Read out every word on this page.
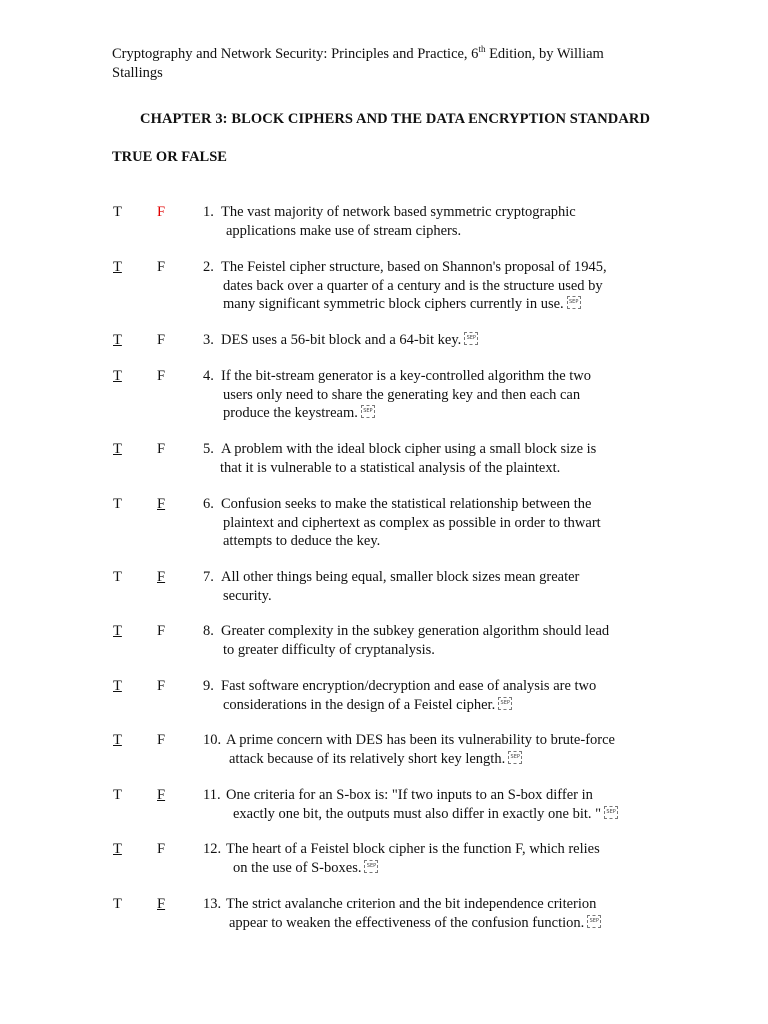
Cryptography and Network Security: Principles and Practice, 6th Edition, by William Stallings
CHAPTER 3: BLOCK CIPHERS AND THE DATA ENCRYPTION STANDARD
TRUE OR FALSE
T F	1. The vast majority of network based symmetric cryptographic
applications make use of stream ciphers.
T F	2. The Feistel cipher structure, based on Shannon's proposal of 1945,
dates back over a quarter of a century and is the structure used by
many significant symmetric block ciphers currently in use. SEP
T F	3. DES uses a 56-bit block and a 64-bit key. SEP
T F	4. If the bit-stream generator is a key-controlled algorithm the two
users only need to share the generating key and then each can
produce the keystream. SEP
T F	5. A problem with the ideal block cipher using a small block size is
that it is vulnerable to a statistical analysis of the plaintext.
T F	6. Confusion seeks to make the statistical relationship between the
plaintext and ciphertext as complex as possible in order to thwart
attempts to deduce the key.
T F	7. All other things being equal, smaller block sizes mean greater
security.
T F	8. Greater complexity in the subkey generation algorithm should lead
to greater difficulty of cryptanalysis.
T F	9. Fast software encryption/decryption and ease of analysis are two
considerations in the design of a Feistel cipher. SEP
T F	10. A prime concern with DES has been its vulnerability to brute-force
attack because of its relatively short key length. SEP
T F	11. One criteria for an S-box is: "If two inputs to an S-box differ in
exactly one bit, the outputs must also differ in exactly one bit. " SEP
T F	12. The heart of a Feistel block cipher is the function F, which relies
on the use of S-boxes. SEP
T F	13. The strict avalanche criterion and the bit independence criterion
appear to weaken the effectiveness of the confusion function. SEP
